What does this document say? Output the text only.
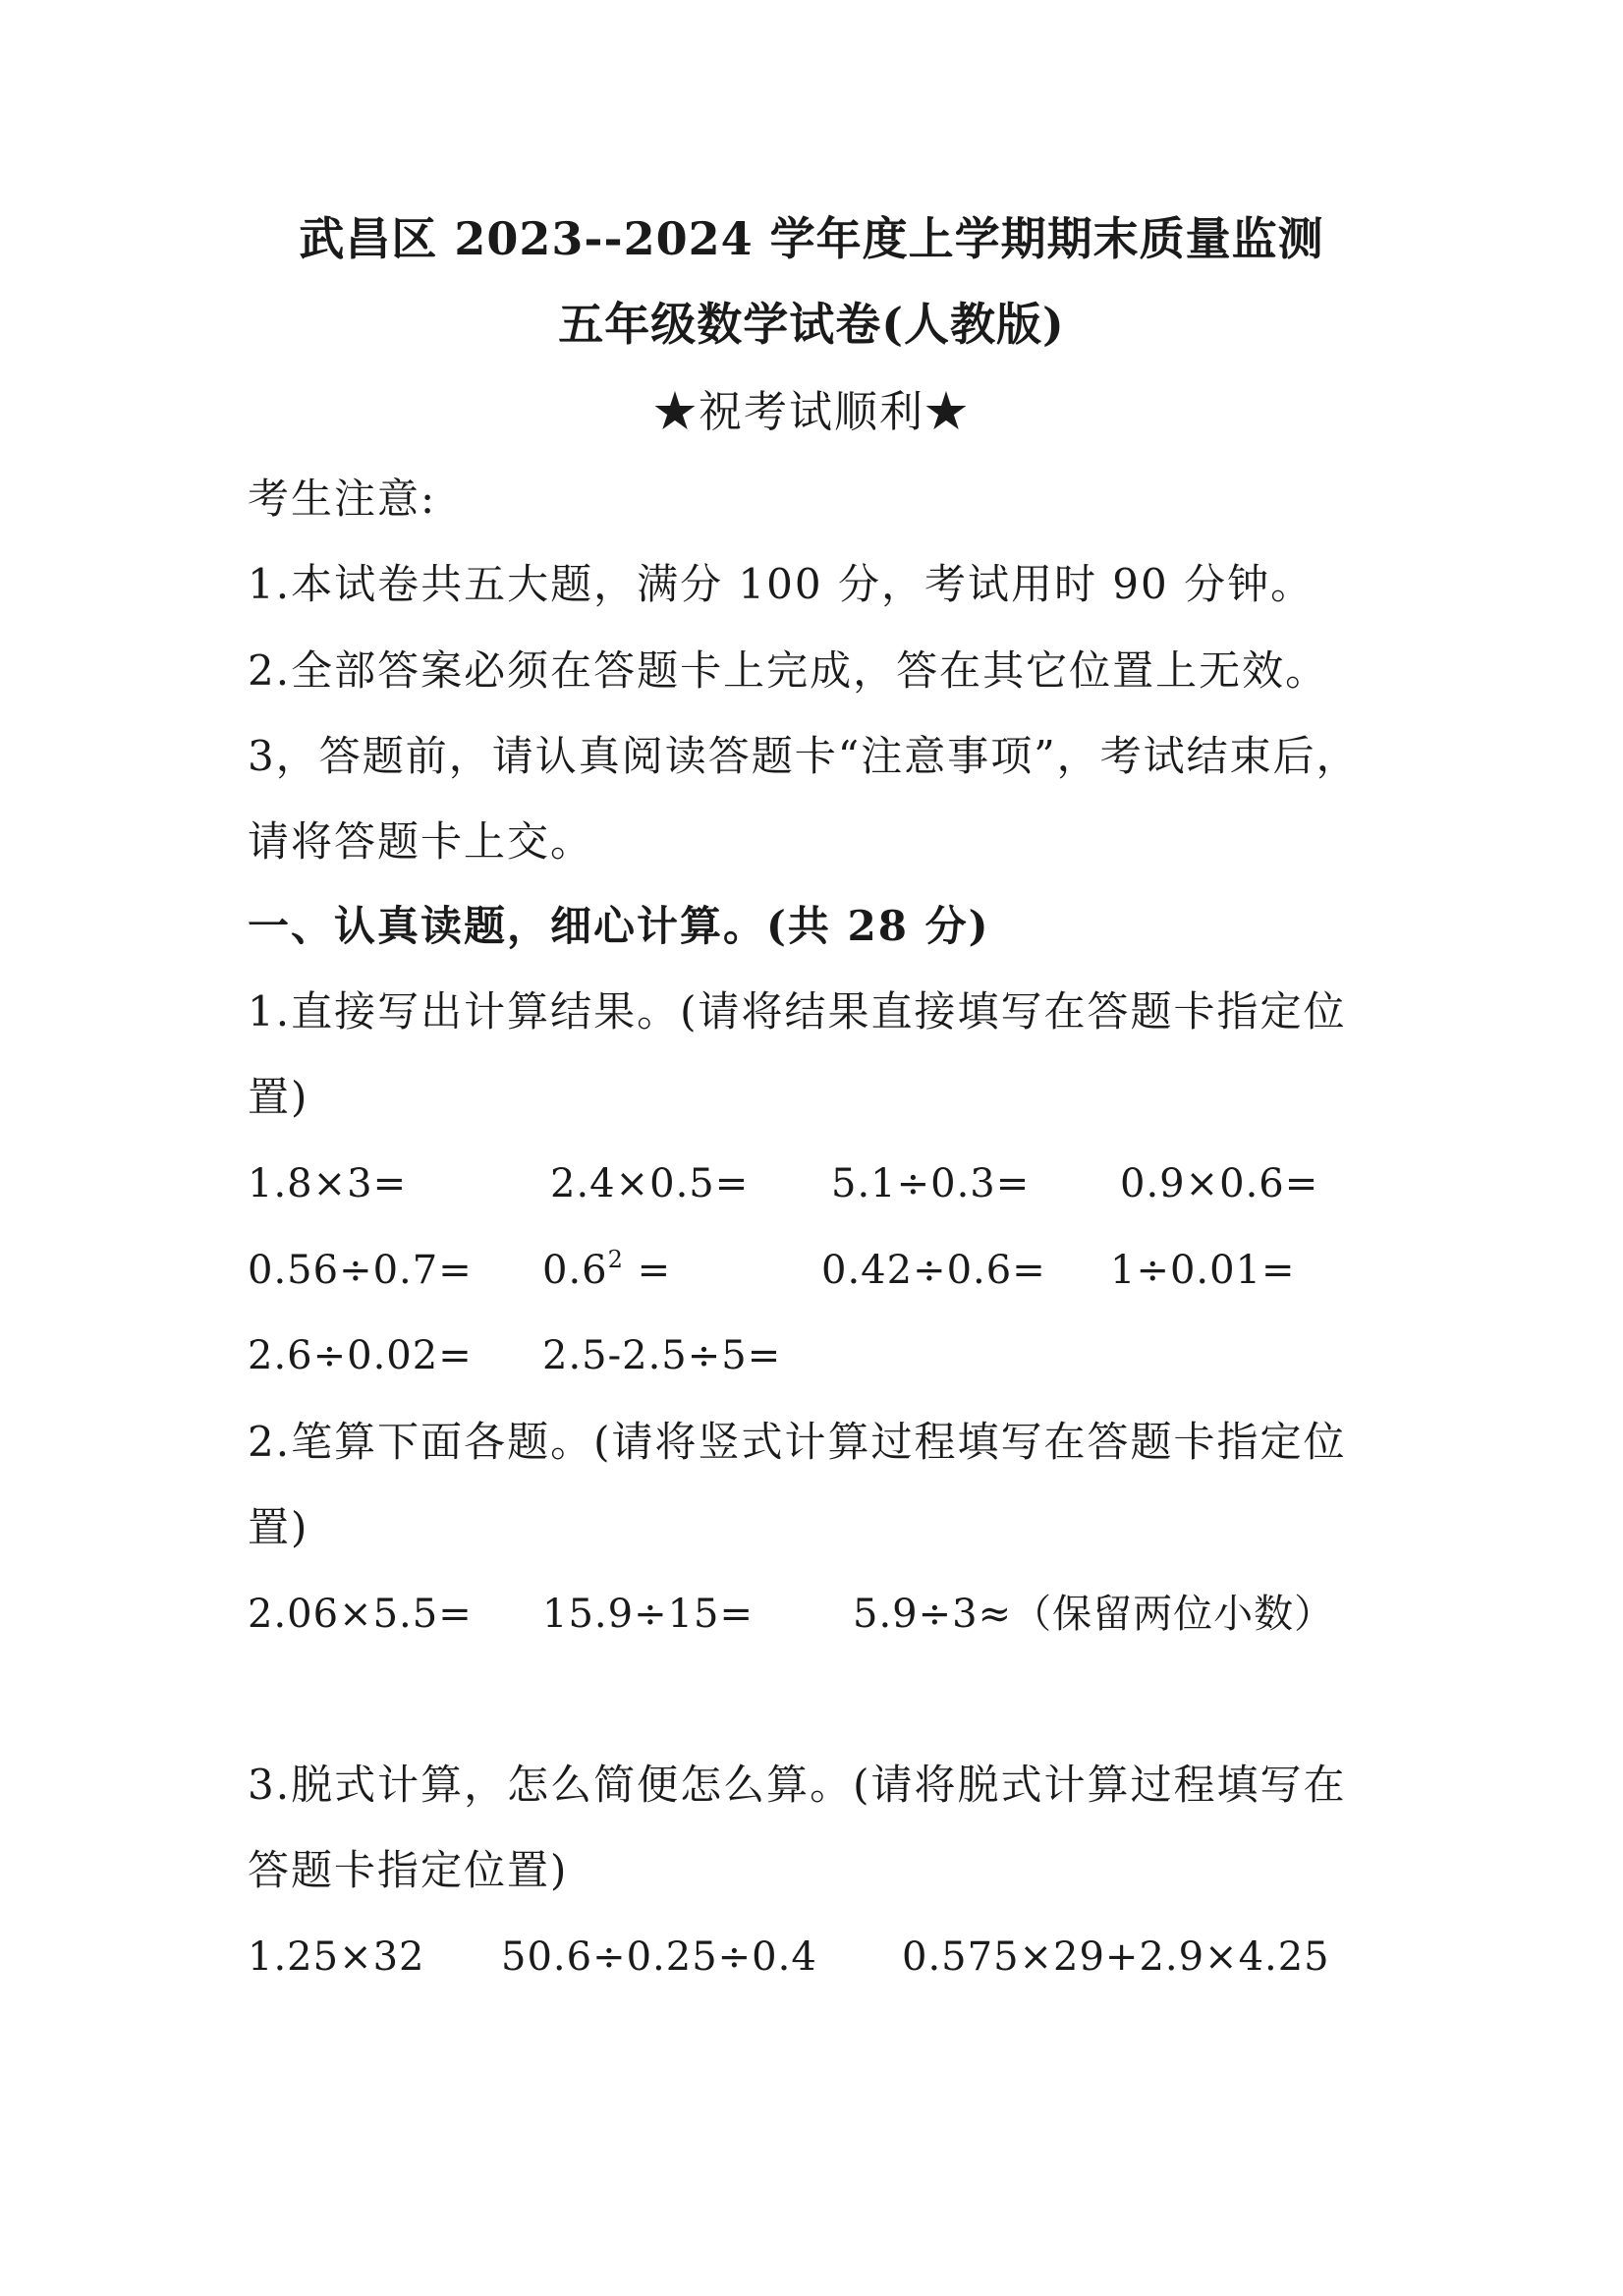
武昌区 2023--2024 学年度上学期期末质量监测
五年级数学试卷(人教版)
★祝考试顺利★
考生注意:
1.本试卷共五大题，满分 100 分，考试用时 90 分钟。
2.全部答案必须在答题卡上完成，答在其它位置上无效。
3，答题前，请认真阅读答题卡“注意事项”，考试结束后，
请将答题卡上交。
一、认真读题，细心计算。(共 28 分)
1.直接写出计算结果。(请将结果直接填写在答题卡指定位
置)
1.8×3=	2.4×0.5= 5.1÷0.3= 0.9×0.6=
$0.56\div 0.7= 0.6^2$ =	0.42÷0.6= 1÷0.01=
2.6÷0.02= 2.5-2.5÷5=
2.笔算下面各题。(请将竖式计算过程填写在答题卡指定位
置)
2.06×5.5= 15.9÷15=	5.9÷3≈（保留两位小数）
3.脱式计算，怎么简便怎么算。(请将脱式计算过程填写在
答题卡指定位置)
1.25×32 50.6÷0.25÷0.4 0.575×29+2.9×4.25
